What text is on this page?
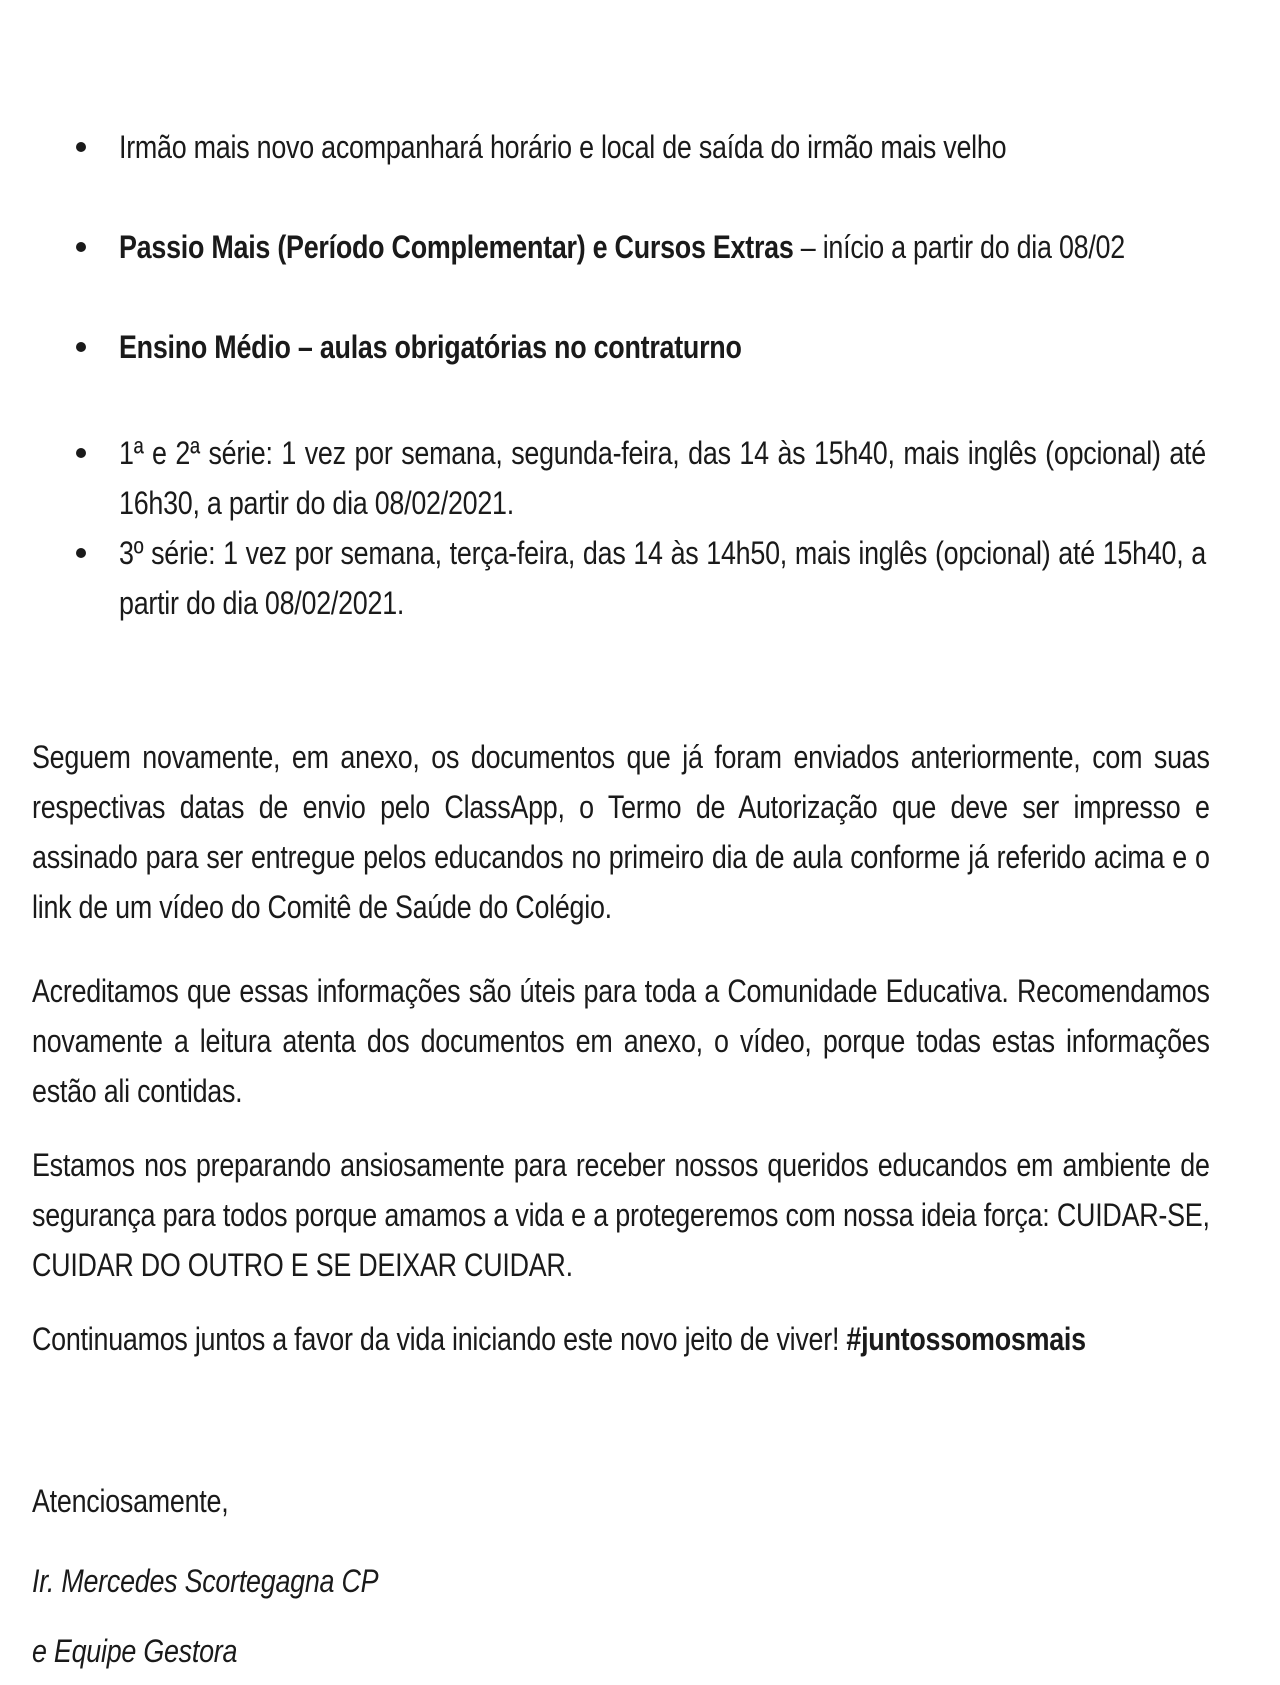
Irmão mais novo acompanhará horário e local de saída do irmão mais velho
Passio Mais (Período Complementar) e Cursos Extras – início a partir do dia 08/02
Ensino Médio – aulas obrigatórias no contraturno
1ª e 2ª série: 1 vez por semana, segunda-feira, das 14 às 15h40, mais inglês (opcional) até 16h30, a partir do dia 08/02/2021.
3º série: 1 vez por semana, terça-feira, das 14 às 14h50, mais inglês (opcional) até 15h40, a partir do dia 08/02/2021.
Seguem novamente, em anexo, os documentos que já foram enviados anteriormente, com suas respectivas datas de envio pelo ClassApp, o Termo de Autorização que deve ser impresso e assinado para ser entregue pelos educandos no primeiro dia de aula conforme já referido acima e o link de um vídeo do Comitê de Saúde do Colégio.
Acreditamos que essas informações são úteis para toda a Comunidade Educativa. Recomendamos novamente a leitura atenta dos documentos em anexo, o vídeo, porque todas estas informações estão ali contidas.
Estamos nos preparando ansiosamente para receber nossos queridos educandos em ambiente de segurança para todos porque amamos a vida e a protegeremos com nossa ideia força: CUIDAR-SE, CUIDAR DO OUTRO E SE DEIXAR CUIDAR.
Continuamos juntos a favor da vida iniciando este novo jeito de viver! #juntossomosmais
Atenciosamente,
Ir. Mercedes Scortegagna CP
e Equipe Gestora
